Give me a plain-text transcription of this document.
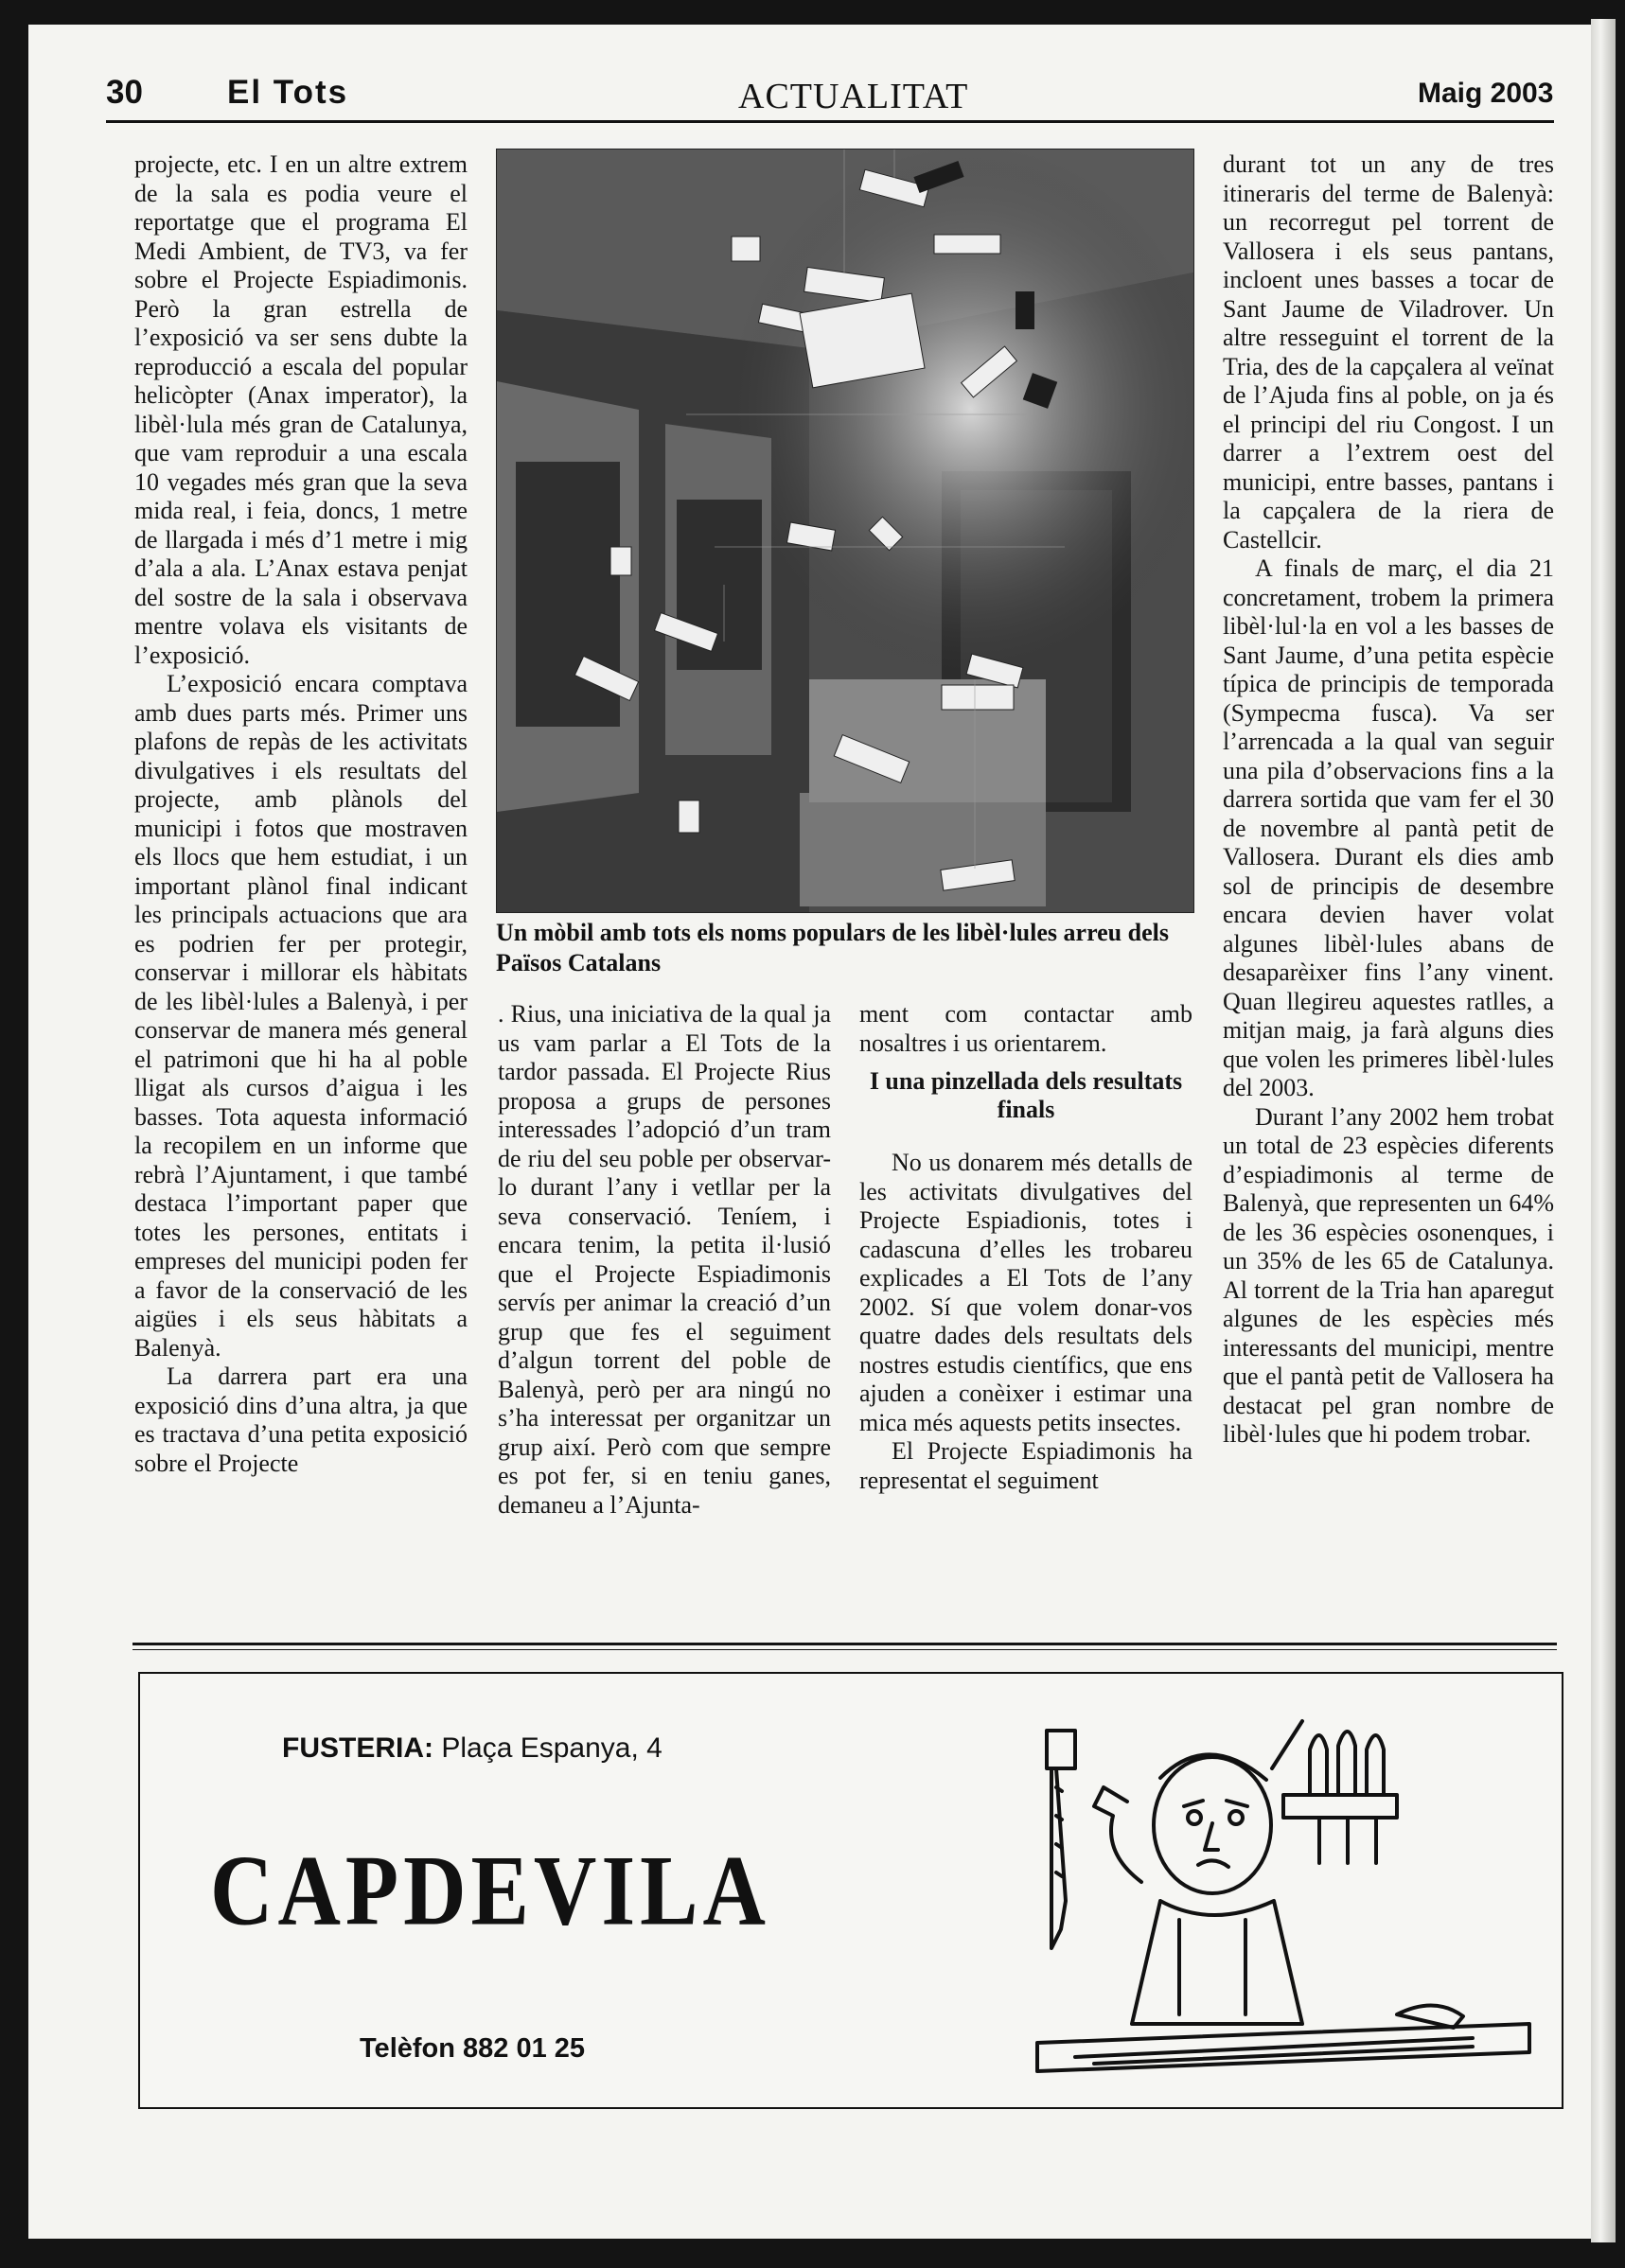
30	El Tots	ACTUALITAT	Maig 2003

projecte, etc. I en un altre extrem de la sala es podia veure el reportatge que el programa El Medi Ambient, de TV3, va fer sobre el Projecte Espiadimonis. Però la gran estrella de l’exposició va ser sens dubte la reproducció a escala del popular helicòpter (Anax imperator), la libèl·lula més gran de Catalunya, que vam reproduir a una escala 10 vegades més gran que la seva mida real, i feia, doncs, 1 metre de llargada i més d’1 metre i mig d’ala a ala. L’Anax estava penjat del sostre de la sala i observava mentre volava els visitants de l’exposició.

L’exposició encara comptava amb dues parts més. Primer uns plafons de repàs de les activitats divulgatives i els resultats del projecte, amb plànols del municipi i fotos que mostraven els llocs que hem estudiat, i un important plànol final indicant les principals actuacions que ara es podrien fer per protegir, conservar i millorar els hàbitats de les libèl·lules a Balenyà, i per conservar de manera més general el patrimoni que hi ha al poble lligat als cursos d’aigua i les basses. Tota aquesta informació la recopilem en un informe que rebrà l’Ajuntament, i que també destaca l’important paper que totes les persones, entitats i empreses del municipi poden fer a favor de la conservació de les aigües i els seus hàbitats a Balenyà.

La darrera part era una exposició dins d’una altra, ja que es tractava d’una petita exposició sobre el Projecte

Un mòbil amb tots els noms populars de les libèl·lules arreu dels Països Catalans

. Rius, una iniciativa de la qual ja us vam parlar a El Tots de la tardor passada. El Projecte Rius proposa a grups de persones interessades l’adopció d’un tram de riu del seu poble per observar-lo durant l’any i vetllar per la seva conservació. Teníem, i encara tenim, la petita il·lusió que el Projecte Espiadimonis servís per animar la creació d’un grup que fes el seguiment d’algun torrent del poble de Balenyà, però per ara ningú no s’ha interessat per organitzar un grup així. Però com que sempre es pot fer, si en teniu ganes, demaneu a l’Ajunta-

ment com contactar amb nosaltres i us orientarem.

I una pinzellada dels resultats finals

No us donarem més detalls de les activitats divulgatives del Projecte Espiadionis, totes i cadascuna d’elles les trobareu explicades a El Tots de l’any 2002. Sí que volem donar-vos quatre dades dels resultats dels nostres estudis científics, que ens ajuden a conèixer i estimar una mica més aquests petits insectes.

El Projecte Espiadimonis ha representat el seguiment

durant tot un any de tres itineraris del terme de Balenyà: un recorregut pel torrent de Vallosera i els seus pantans, incloent unes basses a tocar de Sant Jaume de Viladrover. Un altre resseguint el torrent de la Tria, des de la capçalera al veïnat de l’Ajuda fins al poble, on ja és el principi del riu Congost. I un darrer a l’extrem oest del municipi, entre basses, pantans i la capçalera de la riera de Castellcir.

A finals de març, el dia 21 concretament, trobem la primera libèl·lul·la en vol a les basses de Sant Jaume, d’una petita espècie típica de principis de temporada (Sympecma fusca). Va ser l’arrencada a la qual van seguir una pila d’observacions fins a la darrera sortida que vam fer el 30 de novembre al pantà petit de Vallosera. Durant els dies amb sol de principis de desembre encara devien haver volat algunes libèl·lules abans de desaparèixer fins l’any vinent. Quan llegireu aquestes ratlles, a mitjan maig, ja farà alguns dies que volen les primeres libèl·lules del 2003.

Durant l’any 2002 hem trobat un total de 23 espècies diferents d’espiadimonis al terme de Balenyà, que representen un 64% de les 36 espècies osonenques, i un 35% de les 65 de Catalunya. Al torrent de la Tria han aparegut algunes de les espècies més interessants del municipi, mentre que el pantà petit de Vallosera ha destacat pel gran nombre de libèl·lules que hi podem trobar.

FUSTERIA: Plaça Espanya, 4
CAPDEVILA
Telèfon 882 01 25
